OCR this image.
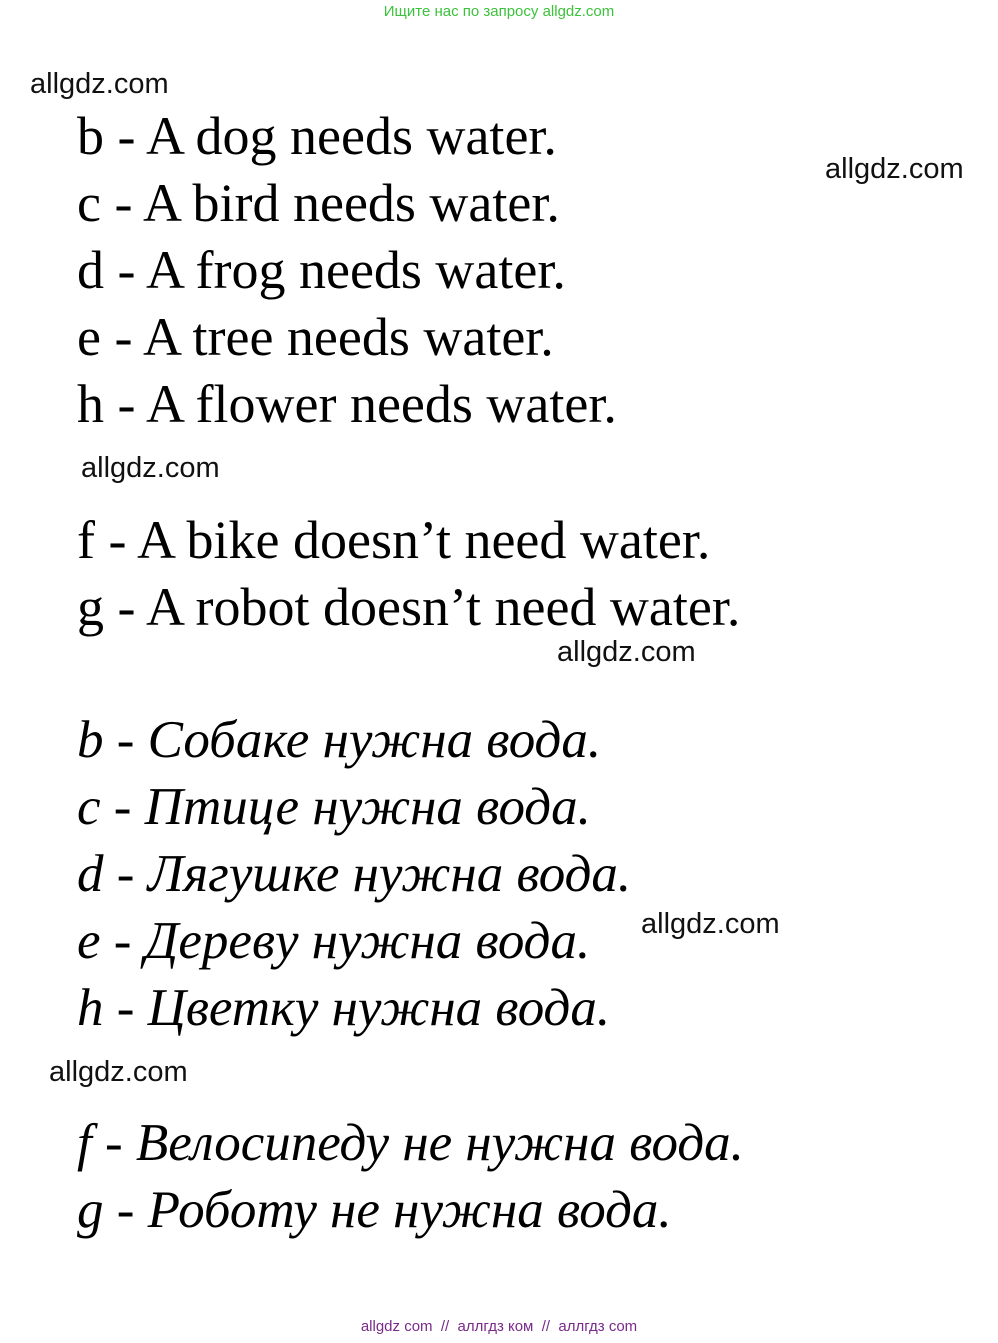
Ищите нас по запросу allgdz.com
allgdz.com
allgdz.com
allgdz.com
allgdz.com
allgdz.com
allgdz.com
b - A dog needs water.
c - A bird needs water.
d - A frog needs water.
e - A tree needs water.
h - A flower needs water.
f - A bike doesn’t need water.
g - A robot doesn’t need water.
b - Собаке нужна вода.
c - Птице нужна вода.
d - Лягушке нужна вода.
e - Дереву нужна вода.
h - Цветку нужна вода.
f - Велосипеду не нужна вода.
g - Роботу не нужна вода.
allgdz com  //  аллгдз ком  //  аллгдз com
